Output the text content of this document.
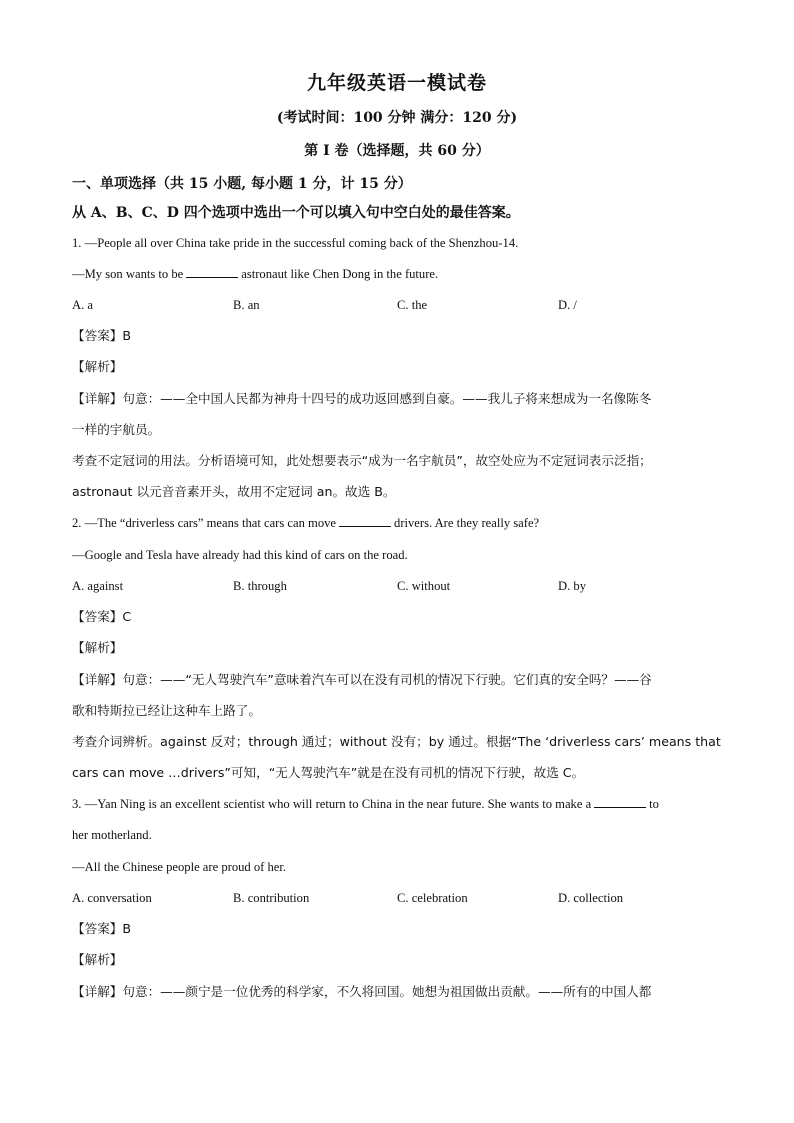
九年级英语一模试卷
(考试时间：100 分钟 满分：120 分)
第 I 卷（选择题，共 60 分）
一、单项选择（共 15 小题, 每小题 1 分，计 15 分）
从 A、B、C、D 四个选项中选出一个可以填入句中空白处的最佳答案。
1. —People all over China take pride in the successful coming back of the Shenzhou-14.
—My son wants to be	astronaut like Chen Dong in the future.
A. a	B. an	C. the	D. /
【答案】B
【解析】
【详解】句意：——全中国人民都为神舟十四号的成功返回感到自豪。——我儿子将来想成为一名像陈冬
一样的宇航员。
考查不定冠词的用法。分析语境可知，此处想要表示“成为一名宇航员”，故空处应为不定冠词表示泛指；
astronaut 以元音音素开头，故用不定冠词 an。故选 B。
2. —The “driverless cars” means that cars can move	drivers. Are they really safe?
—Google and Tesla have already had this kind of cars on the road.
A. against	B. through	C. without	D. by
【答案】C
【解析】
【详解】句意：——“无人驾驶汽车”意味着汽车可以在没有司机的情况下行驶。它们真的安全吗？——谷
歌和特斯拉已经让这种车上路了。
考查介词辨析。against 反对；through 通过；without 没有；by 通过。根据“The ‘driverless cars’ means that
cars can move …drivers”可知，“无人驾驶汽车”就是在没有司机的情况下行驶，故选 C。
3. —Yan Ning is an excellent scientist who will return to China in the near future. She wants to make a	to
her motherland.
—All the Chinese people are proud of her.
A. conversation	B. contribution	C. celebration	D. collection
【答案】B
【解析】
【详解】句意：——颜宁是一位优秀的科学家，不久将回国。她想为祖国做出贡献。——所有的中国人都
